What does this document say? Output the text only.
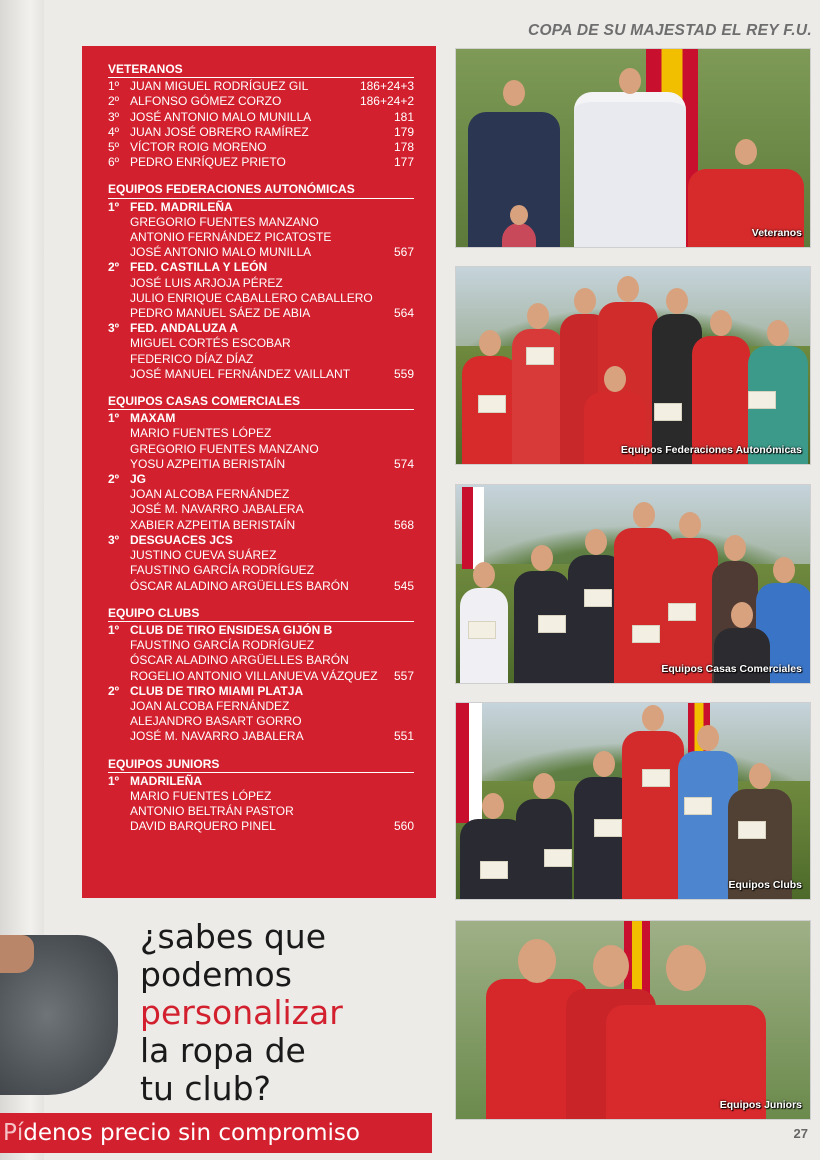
COPA DE SU MAJESTAD EL REY F.U.
VETERANOS
1º JUAN MIGUEL RODRÍGUEZ GIL	186+24+3
2º ALFONSO GÓMEZ CORZO	186+24+2
3º JOSÉ ANTONIO MALO MUNILLA	181
4º JUAN JOSÉ OBRERO RAMÍREZ	179
5º VÍCTOR ROIG MORENO	178
6º PEDRO ENRÍQUEZ PRIETO	177
EQUIPOS FEDERACIONES AUTONÓMICAS
1º FED. MADRILEÑA
GREGORIO FUENTES MANZANO
ANTONIO FERNÁNDEZ PICATOSTE
JOSÉ ANTONIO MALO MUNILLA	567
2º FED. CASTILLA Y LEÓN
JOSÉ LUIS ARJOJA PÉREZ
JULIO ENRIQUE CABALLERO CABALLERO
PEDRO MANUEL SÁEZ DE ABIA	564
3º FED. ANDALUZA A
MIGUEL CORTÉS ESCOBAR
FEDERICO DÍAZ DÍAZ
JOSÉ MANUEL FERNÁNDEZ VAILLANT	559
EQUIPOS CASAS COMERCIALES
1º MAXAM
MARIO FUENTES LÓPEZ
GREGORIO FUENTES MANZANO
YOSU AZPEITIA BERISTAÍN	574
2º JG
JOAN ALCOBA FERNÁNDEZ
JOSÉ M. NAVARRO JABALERA
XABIER AZPEITIA BERISTAÍN	568
3º DESGUACES JCS
JUSTINO CUEVA SUÁREZ
FAUSTINO GARCÍA RODRÍGUEZ
ÓSCAR ALADINO ARGÜELLES BARÓN	545
EQUIPO CLUBS
1º CLUB DE TIRO ENSIDESA GIJÓN B
FAUSTINO GARCÍA RODRÍGUEZ
ÓSCAR ALADINO ARGÜELLES BARÓN
ROGELIO ANTONIO VILLANUEVA VÁZQUEZ 557
2º CLUB DE TIRO MIAMI PLATJA
JOAN ALCOBA FERNÁNDEZ
ALEJANDRO BASART GORRO
JOSÉ M. NAVARRO JABALERA	551
EQUIPOS JUNIORS
1º MADRILEÑA
MARIO FUENTES LÓPEZ
ANTONIO BELTRÁN PASTOR
DAVID BARQUERO PINEL	560
Veteranos
Equipos Federaciones Autonómicas
Equipos Casas Comerciales
Equipos Clubs
Equipos Juniors
¿sabes que
podemos
personalizar
la ropa de
tu club?
Pí denos precio sin compromiso	27
